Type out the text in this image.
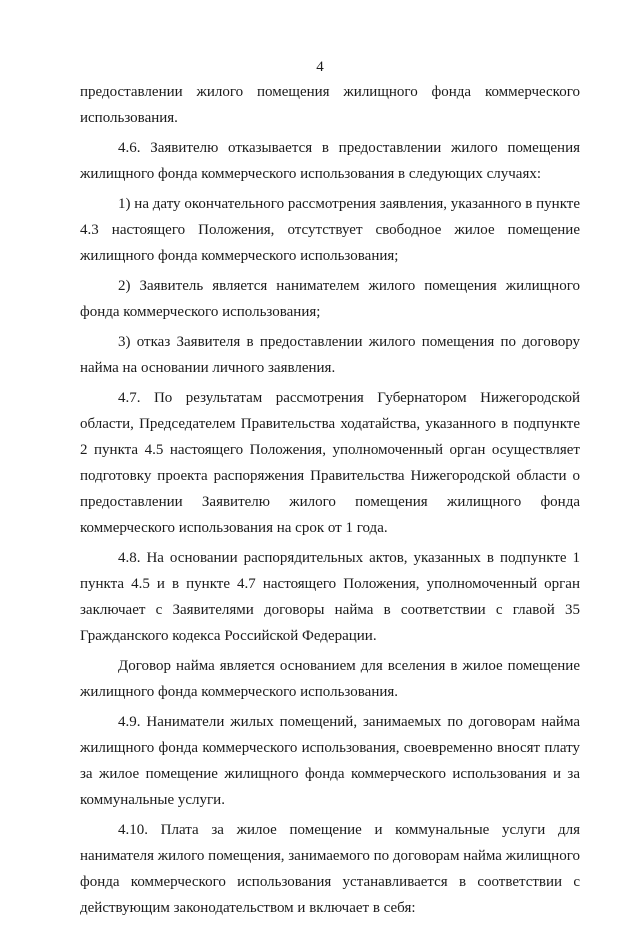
4

предоставлении жилого помещения жилищного фонда коммерческого использования.

4.6. Заявителю отказывается в предоставлении жилого помещения жилищного фонда коммерческого использования в следующих случаях:

1) на дату окончательного рассмотрения заявления, указанного в пункте 4.3 настоящего Положения, отсутствует свободное жилое помещение жилищного фонда коммерческого использования;

2) Заявитель является нанимателем жилого помещения жилищного фонда коммерческого использования;

3) отказ Заявителя в предоставлении жилого помещения по договору найма на основании личного заявления.

4.7. По результатам рассмотрения Губернатором Нижегородской области, Председателем Правительства ходатайства, указанного в подпункте 2 пункта 4.5 настоящего Положения, уполномоченный орган осуществляет подготовку проекта распоряжения Правительства Нижегородской области о предоставлении Заявителю жилого помещения жилищного фонда коммерческого использования на срок от 1 года.

4.8. На основании распорядительных актов, указанных в подпункте 1 пункта 4.5 и в пункте 4.7 настоящего Положения, уполномоченный орган заключает с Заявителями договоры найма в соответствии с главой 35 Гражданского кодекса Российской Федерации.

Договор найма является основанием для вселения в жилое помещение жилищного фонда коммерческого использования.

4.9. Наниматели жилых помещений, занимаемых по договорам найма жилищного фонда коммерческого использования, своевременно вносят плату за жилое помещение жилищного фонда коммерческого использования и за коммунальные услуги.

4.10. Плата за жилое помещение и коммунальные услуги для нанимателя жилого помещения, занимаемого по договорам найма жилищного фонда коммерческого использования устанавливается в соответствии с действующим законодательством и включает в себя:
